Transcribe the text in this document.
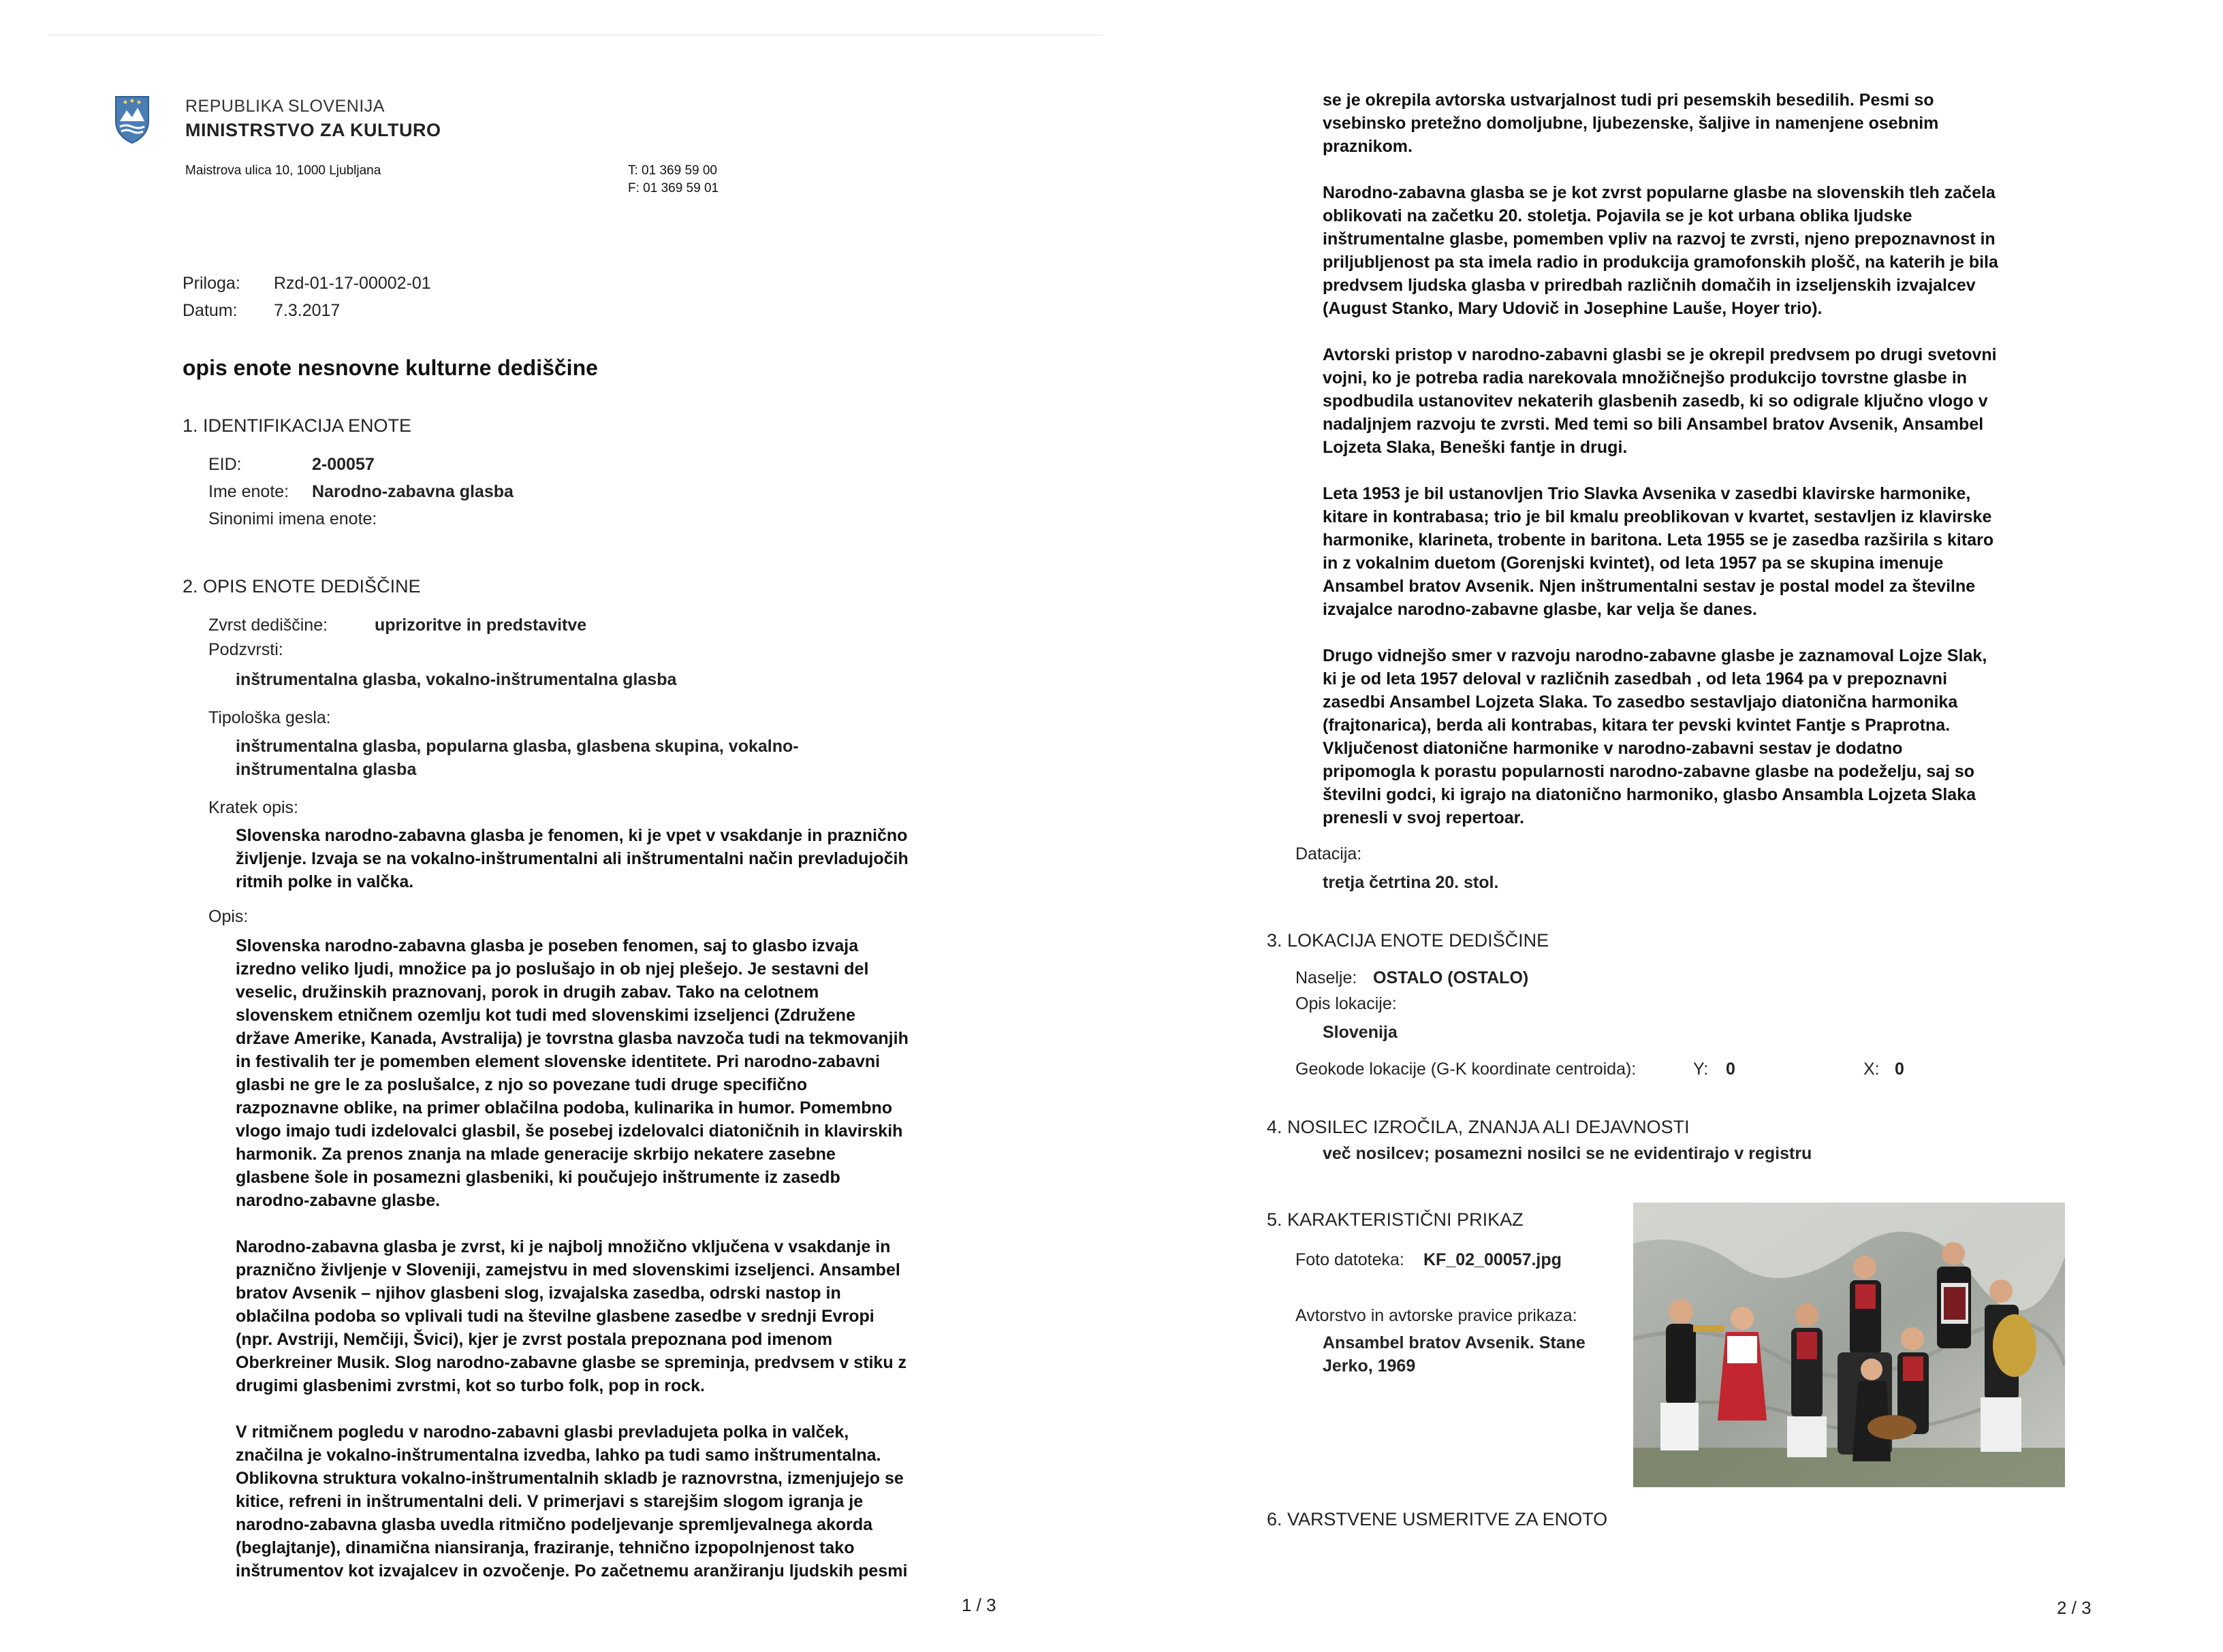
REPUBLIKA SLOVENIJA
MINISTRSTVO ZA KULTURO
Maistrova ulica 10, 1000 Ljubljana	T: 01 369 59 00
F: 01 369 59 01
Priloga: Rzd-01-17-00002-01
Datum: 7.3.2017
opis enote nesnovne kulturne dediščine
1. IDENTIFIKACIJA ENOTE
EID:	2-00057
Ime enote: Narodno-zabavna glasba
Sinonimi imena enote:
2. OPIS ENOTE DEDIŠČINE
Zvrst dediščine:	uprizoritve in predstavitve
Podzvrsti:
inštrumentalna glasba, vokalno-inštrumentalna glasba
Tipološka gesla:
inštrumentalna glasba, popularna glasba, glasbena skupina, vokalno-
inštrumentalna glasba
Kratek opis:
Slovenska narodno-zabavna glasba je fenomen, ki je vpet v vsakdanje in praznično
življenje. Izvaja se na vokalno-inštrumentalni ali inštrumentalni način prevladujočih
ritmih polke in valčka.
Opis:

Slovenska narodno-zabavna glasba je poseben fenomen, saj to glasbo izvaja
izredno veliko ljudi, množice pa jo poslušajo in ob njej plešejo. Je sestavni del
veselic, družinskih praznovanj, porok in drugih zabav. Tako na celotnem
slovenskem etničnem ozemlju kot tudi med slovenskimi izseljenci (Združene
države Amerike, Kanada, Avstralija) je tovrstna glasba navzoča tudi na tekmovanjih
in festivalih ter je pomemben element slovenske identitete. Pri narodno-zabavni
glasbi ne gre le za poslušalce, z njo so povezane tudi druge specifično
razpoznavne oblike, na primer oblačilna podoba, kulinarika in humor. Pomembno
vlogo imajo tudi izdelovalci glasbil, še posebej izdelovalci diatoničnih in klavirskih
harmonik. Za prenos znanja na mlade generacije skrbijo nekatere zasebne
glasbene šole in posamezni glasbeniki, ki poučujejo inštrumente iz zasedb
narodno-zabavne glasbe.

Narodno-zabavna glasba je zvrst, ki je najbolj množično vključena v vsakdanje in
praznično življenje v Sloveniji, zamejstvu in med slovenskimi izseljenci. Ansambel
bratov Avsenik – njihov glasbeni slog, izvajalska zasedba, odrski nastop in
oblačilna podoba so vplivali tudi na številne glasbene zasedbe v srednji Evropi
(npr. Avstriji, Nemčiji, Švici), kjer je zvrst postala prepoznana pod imenom
Oberkreiner Musik. Slog narodno-zabavne glasbe se spreminja, predvsem v stiku z
drugimi glasbenimi zvrstmi, kot so turbo folk, pop in rock.

V ritmičnem pogledu v narodno-zabavni glasbi prevladujeta polka in valček,
značilna je vokalno-inštrumentalna izvedba, lahko pa tudi samo inštrumentalna.
Oblikovna struktura vokalno-inštrumentalnih skladb je raznovrstna, izmenjujejo se
kitice, refreni in inštrumentalni deli. V primerjavi s starejšim slogom igranja je
narodno-zabavna glasba uvedla ritmično podeljevanje spremljevalnega akorda
(beglajtanje), dinamična niansiranja, fraziranje, tehnično izpopolnjenost tako
inštrumentov kot izvajalcev in ozvočenje. Po začetnemu aranžiranju ljudskih pesmi

1 / 3

se je okrepila avtorska ustvarjalnost tudi pri pesemskih besedilih. Pesmi so
vsebinsko pretežno domoljubne, ljubezenske, šaljive in namenjene osebnim
praznikom.

Narodno-zabavna glasba se je kot zvrst popularne glasbe na slovenskih tleh začela
oblikovati na začetku 20. stoletja. Pojavila se je kot urbana oblika ljudske
inštrumentalne glasbe, pomemben vpliv na razvoj te zvrsti, njeno prepoznavnost in
priljubljenost pa sta imela radio in produkcija gramofonskih plošč, na katerih je bila
predvsem ljudska glasba v priredbah različnih domačih in izseljenskih izvajalcev
(August Stanko, Mary Udovič in Josephine Lauše, Hoyer trio).

Avtorski pristop v narodno-zabavni glasbi se je okrepil predvsem po drugi svetovni
vojni, ko je potreba radia narekovala množičnejšo produkcijo tovrstne glasbe in
spodbudila ustanovitev nekaterih glasbenih zasedb, ki so odigrale ključno vlogo v
nadaljnjem razvoju te zvrsti. Med temi so bili Ansambel bratov Avsenik, Ansambel
Lojzeta Slaka, Beneški fantje in drugi.

Leta 1953 je bil ustanovljen Trio Slavka Avsenika v zasedbi klavirske harmonike,
kitare in kontrabasa; trio je bil kmalu preoblikovan v kvartet, sestavljen iz klavirske
harmonike, klarineta, trobente in baritona. Leta 1955 se je zasedba razširila s kitaro
in z vokalnim duetom (Gorenjski kvintet), od leta 1957 pa se skupina imenuje
Ansambel bratov Avsenik. Njen inštrumentalni sestav je postal model za številne
izvajalce narodno-zabavne glasbe, kar velja še danes.

Drugo vidnejšo smer v razvoju narodno-zabavne glasbe je zaznamoval Lojze Slak,
ki je od leta 1957 deloval v različnih zasedbah , od leta 1964 pa v prepoznavni
zasedbi Ansambel Lojzeta Slaka. To zasedbo sestavljajo diatonična harmonika
(frajtonarica), berda ali kontrabas, kitara ter pevski kvintet Fantje s Praprotna.
Vključenost diatonične harmonike v narodno-zabavni sestav je dodatno
pripomogla k porastu popularnosti narodno-zabavne glasbe na podeželju, saj so
številni godci, ki igrajo na diatonično harmoniko, glasbo Ansambla Lojzeta Slaka
prenesli v svoj repertoar.

Datacija:
tretja četrtina 20. stol.
3. LOKACIJA ENOTE DEDIŠČINE
Naselje: OSTALO (OSTALO)
Opis lokacije:
Slovenija
Geokode lokacije (G-K koordinate centroida):	Y: 0	X: 0
4. NOSILEC IZROČILA, ZNANJA ALI DEJAVNOSTI
več nosilcev; posamezni nosilci se ne evidentirajo v registru
5. KARAKTERISTIČNI PRIKAZ
Foto datoteka: KF_02_00057.jpg
Avtorstvo in avtorske pravice prikaza:
Ansambel bratov Avsenik. Stane
Jerko, 1969
6. VARSTVENE USMERITVE ZA ENOTO
2 / 3
